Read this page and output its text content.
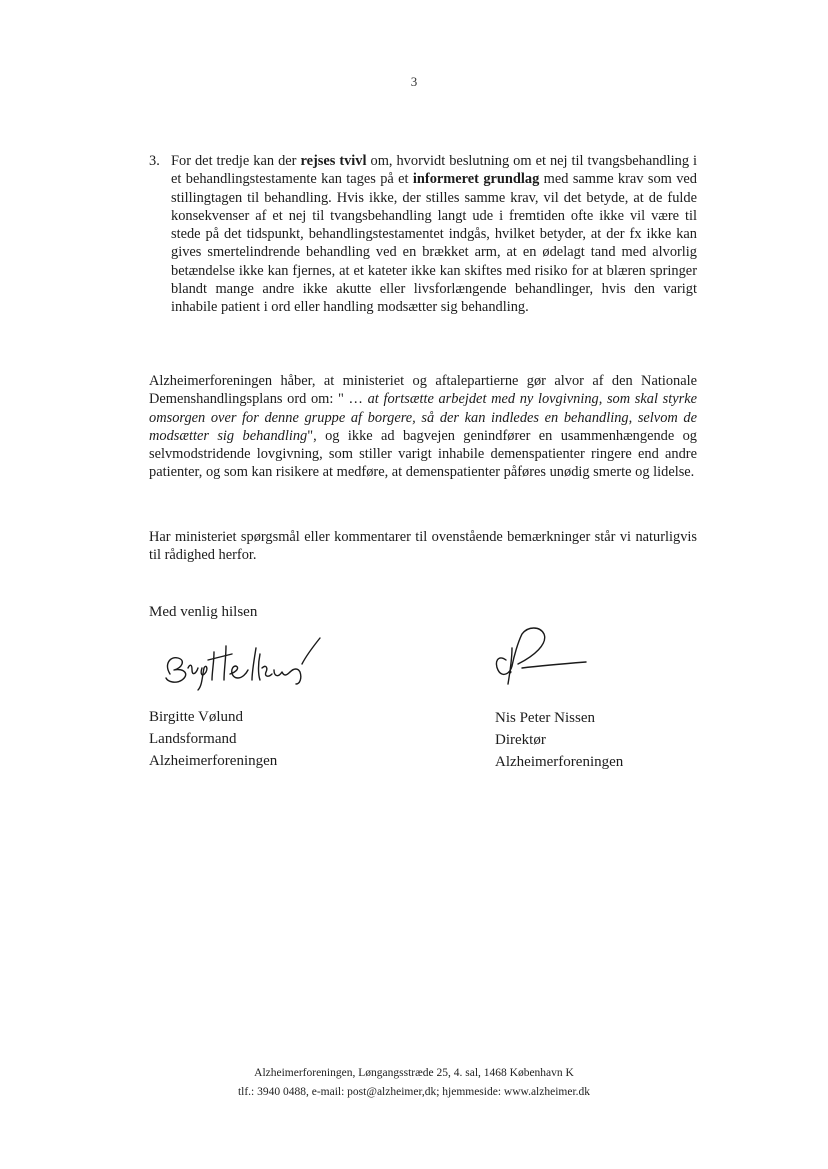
3
3. For det tredje kan der rejses tvivl om, hvorvidt beslutning om et nej til tvangsbehandling i et behandlingstestamente kan tages på et informeret grundlag med samme krav som ved stillingtagen til behandling. Hvis ikke, der stilles samme krav, vil det betyde, at de fulde konsekvenser af et nej til tvangsbehandling langt ude i fremtiden ofte ikke vil være til stede på det tidspunkt, behandlingstestamentet indgås, hvilket betyder, at der fx ikke kan gives smertelindrende behandling ved en brækket arm, at en ødelagt tand med alvorlig betændelse ikke kan fjernes, at et kateter ikke kan skiftes med risiko for at blæren springer blandt mange andre ikke akutte eller livsforlængende behandlinger, hvis den varigt inhabile patient i ord eller handling modsætter sig behandling.

Alzheimerforeningen håber, at ministeriet og aftalepartierne gør alvor af den Nationale Demenshandlingsplans ord om: " … at fortsætte arbejdet med ny lovgivning, som skal styrke omsorgen over for denne gruppe af borgere, så der kan indledes en behandling, selvom de modsætter sig behandling", og ikke ad bagvejen genindfører en usammenhængende og selvmodstridende lovgivning, som stiller varigt inhabile demenspatienter ringere end andre patienter, og som kan risikere at medføre, at demenspatienter påføres unødig smerte og lidelse.

Har ministeriet spørgsmål eller kommentarer til ovenstående bemærkninger står vi naturligvis til rådighed herfor.

Med venlig hilsen
Birgitte Vølund
Landsformand
Alzheimerforeningen
Nis Peter Nissen
Direktør
Alzheimerforeningen
Alzheimerforeningen, Løngangsstræde 25, 4. sal, 1468 København K
tlf.: 3940 0488, e-mail: post@alzheimer,dk; hjemmeside: www.alzheimer.dk
